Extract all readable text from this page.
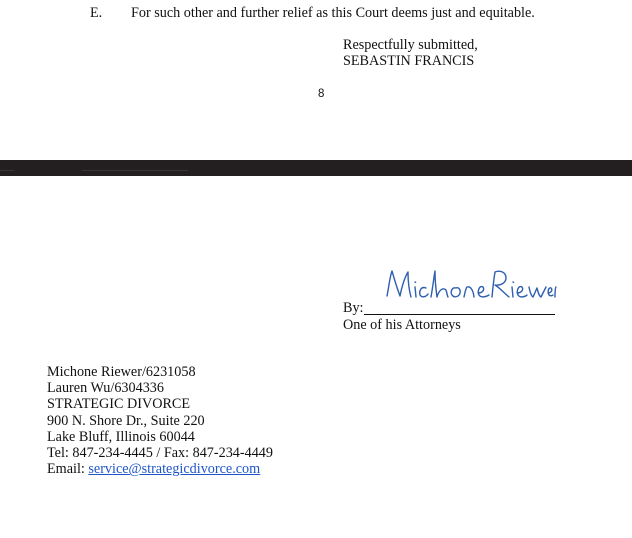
E. For such other and further relief as this Court deems just and equitable.
Respectfully submitted,
SEBASTIN FRANCIS
8
By:
One of his Attorneys
Michone Riewer/6231058
Lauren Wu/6304336
STRATEGIC DIVORCE
900 N. Shore Dr., Suite 220
Lake Bluff, Illinois 60044
Tel: 847-234-4445 / Fax: 847-234-4449
Email: service@strategicdivorce.com
